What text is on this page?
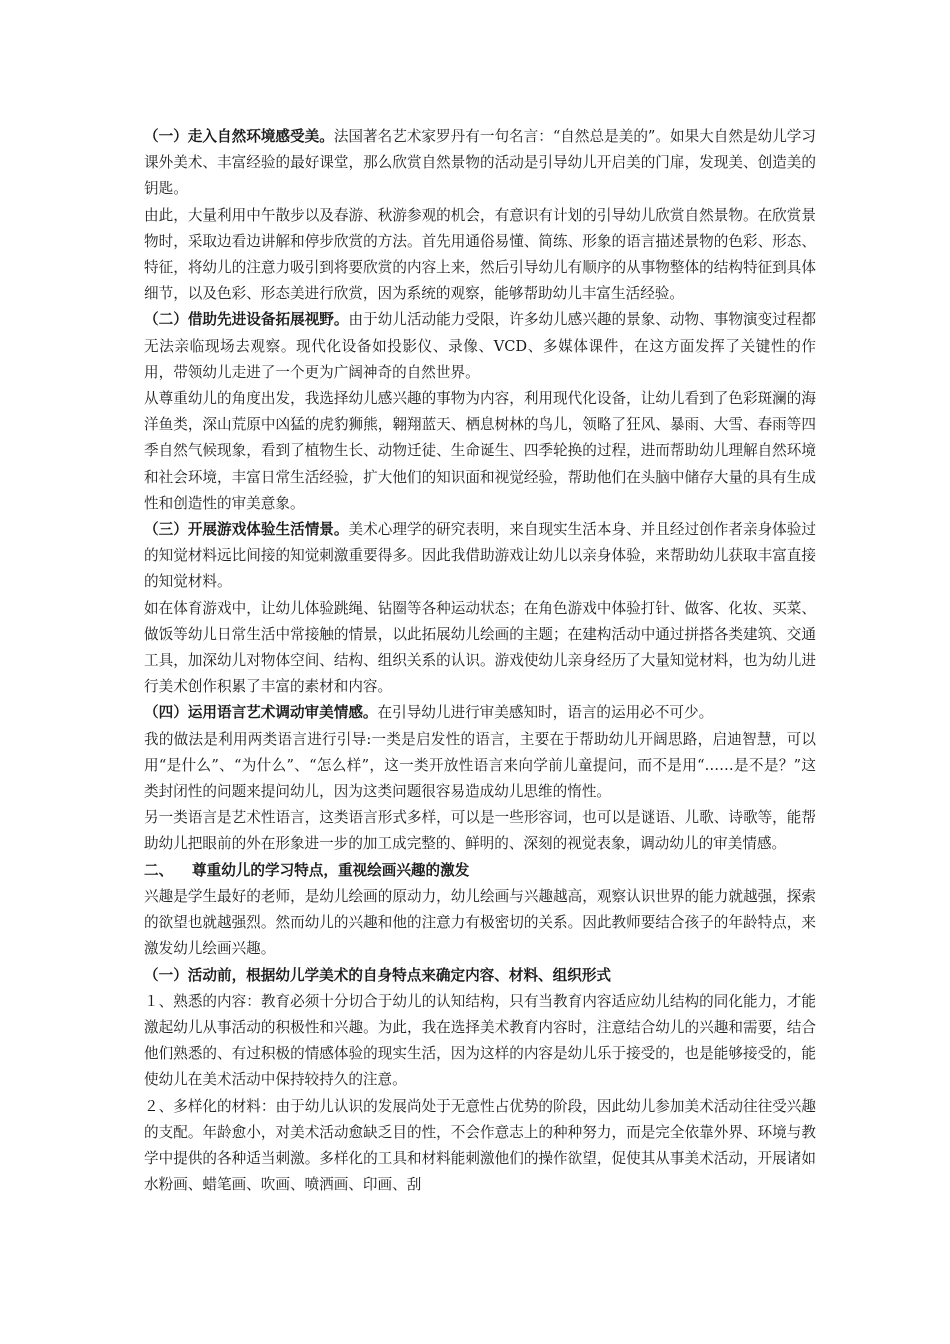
（一）走入自然环境感受美。法国著名艺术家罗丹有一句名言：“自然总是美的”。如果大自然是幼儿学习课外美术、丰富经验的最好课堂，那么欣赏自然景物的活动是引导幼儿开启美的门扉，发现美、创造美的钥匙。

由此，大量利用中午散步以及春游、秋游参观的机会，有意识有计划的引导幼儿欣赏自然景物。在欣赏景物时，采取边看边讲解和停步欣赏的方法。首先用通俗易懂、简练、形象的语言描述景物的色彩、形态、特征，将幼儿的注意力吸引到将要欣赏的内容上来，然后引导幼儿有顺序的从事物整体的结构特征到具体细节，以及色彩、形态美进行欣赏，因为系统的观察，能够帮助幼儿丰富生活经验。

（二）借助先进设备拓展视野。由于幼儿活动能力受限，许多幼儿感兴趣的景象、动物、事物演变过程都无法亲临现场去观察。现代化设备如投影仪、录像、VCD、多媒体课件，在这方面发挥了关键性的作用，带领幼儿走进了一个更为广阔神奇的自然世界。

从尊重幼儿的角度出发，我选择幼儿感兴趣的事物为内容，利用现代化设备，让幼儿看到了色彩斑澜的海洋鱼类，深山荒原中凶猛的虎豹狮熊，翱翔蓝天、栖息树林的鸟儿，领略了狂风、暴雨、大雪、春雨等四季自然气候现象，看到了植物生长、动物迁徒、生命诞生、四季轮换的过程，进而帮助幼儿理解自然环境和社会环境，丰富日常生活经验，扩大他们的知识面和视觉经验，帮助他们在头脑中储存大量的具有生成性和创造性的审美意象。

（三）开展游戏体验生活情景。美术心理学的研究表明，来自现实生活本身、并且经过创作者亲身体验过的知觉材料远比间接的知觉刺激重要得多。因此我借助游戏让幼儿以亲身体验，来帮助幼儿获取丰富直接的知觉材料。

如在体育游戏中，让幼儿体验跳绳、钻圈等各种运动状态；在角色游戏中体验打针、做客、化妆、买菜、做饭等幼儿日常生活中常接触的情景，以此拓展幼儿绘画的主题；在建构活动中通过拼搭各类建筑、交通工具，加深幼儿对物体空间、结构、组织关系的认识。游戏使幼儿亲身经历了大量知觉材料，也为幼儿进行美术创作积累了丰富的素材和内容。

（四）运用语言艺术调动审美情感。在引导幼儿进行审美感知时，语言的运用必不可少。

我的做法是利用两类语言进行引导:一类是启发性的语言，主要在于帮助幼儿开阔思路，启迪智慧，可以用“是什么”、“为什么”、“怎么样”，这一类开放性语言来向学前儿童提问，而不是用“……是不是？”这类封闭性的问题来提问幼儿，因为这类问题很容易造成幼儿思维的惰性。

另一类语言是艺术性语言，这类语言形式多样，可以是一些形容词，也可以是谜语、儿歌、诗歌等，能帮助幼儿把眼前的外在形象进一步的加工成完整的、鲜明的、深刻的视觉表象，调动幼儿的审美情感。

二、 尊重幼儿的学习特点，重视绘画兴趣的激发

兴趣是学生最好的老师，是幼儿绘画的原动力，幼儿绘画与兴趣越高，观察认识世界的能力就越强，探索的欲望也就越强烈。然而幼儿的兴趣和他的注意力有极密切的关系。因此教师要结合孩子的年龄特点，来激发幼儿绘画兴趣。

（一）活动前，根据幼儿学美术的自身特点来确定内容、材料、组织形式

１、熟悉的内容：教育必须十分切合于幼儿的认知结构，只有当教育内容适应幼儿结构的同化能力，才能激起幼儿从事活动的积极性和兴趣。为此，我在选择美术教育内容时，注意结合幼儿的兴趣和需要，结合他们熟悉的、有过积极的情感体验的现实生活，因为这样的内容是幼儿乐于接受的，也是能够接受的，能使幼儿在美术活动中保持较持久的注意。

２、多样化的材料：由于幼儿认识的发展尚处于无意性占优势的阶段，因此幼儿参加美术活动往往受兴趣的支配。年龄愈小，对美术活动愈缺乏目的性，不会作意志上的种种努力，而是完全依靠外界、环境与教学中提供的各种适当刺激。多样化的工具和材料能刺激他们的操作欲望，促使其从事美术活动，开展诸如水粉画、蜡笔画、吹画、喷洒画、印画、刮
